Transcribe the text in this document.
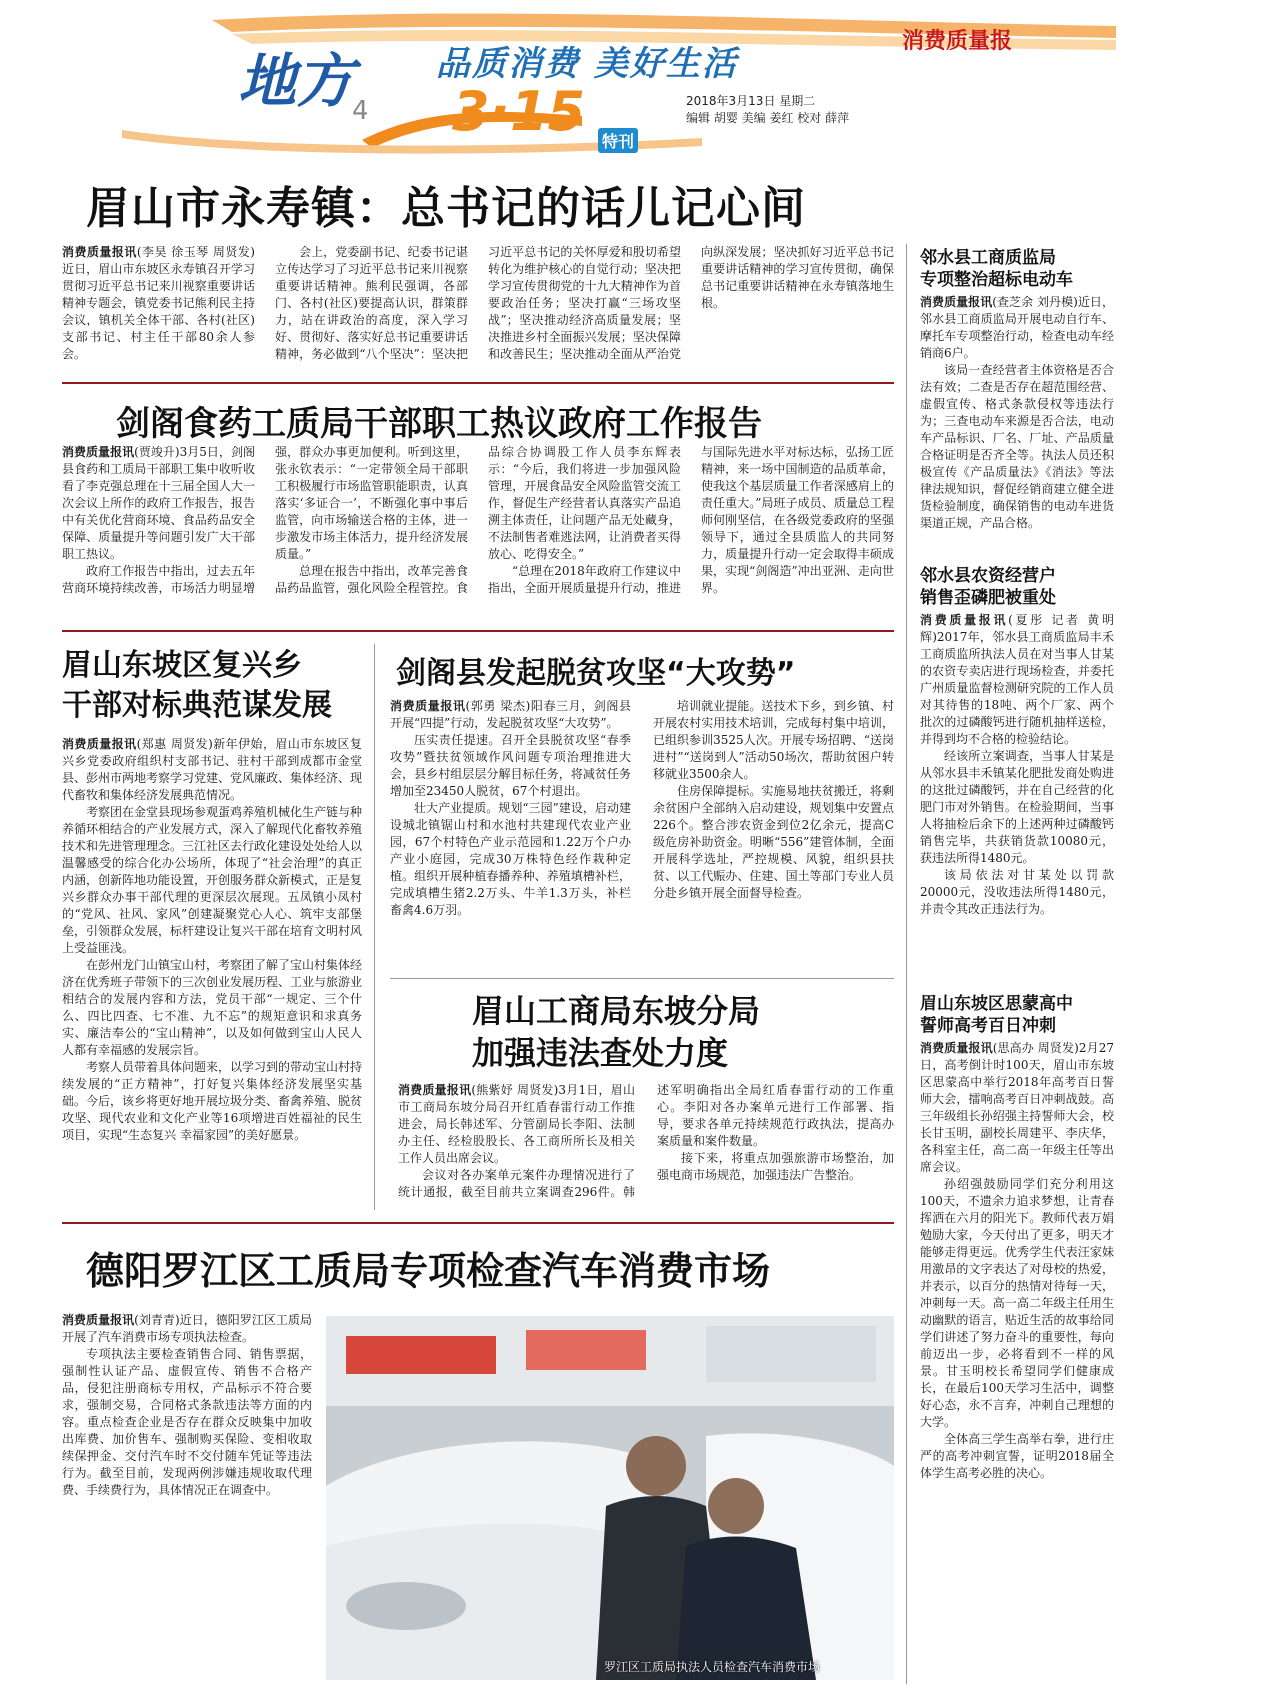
地方
4
品质消费 美好生活
3·15 特刊
2018年3月13日 星期二
编辑 胡婴 美编 姜红 校对 薛萍
消费质量报
眉山市永寿镇：总书记的话儿记心间

消费质量报讯(李昊 徐玉琴 周贤发)近日，眉山市东坡区永寿镇召开学习贯彻习近平总书记来川视察重要讲话精神专题会，镇党委书记熊利民主持会议，镇机关全体干部、各村(社区)支部书记、村主任干部80余人参会。

会上，党委副书记、纪委书记谌立传达学习了习近平总书记来川视察重要讲话精神。熊利民强调，各部门、各村(社区)要提高认识，群策群力，站在讲政治的高度，深入学习好、贯彻好、落实好总书记重要讲话精神，务必做到“八个坚决”：坚决把习近平总书记的关怀厚爱和殷切希望转化为维护核心的自觉行动；坚决把学习宣传贯彻党的十九大精神作为首要政治任务；坚决打赢“三场攻坚战”；坚决推动经济高质量发展；坚决推进乡村全面振兴发展；坚决保障和改善民生；坚决推动全面从严治党向纵深发展；坚决抓好习近平总书记重要讲话精神的学习宣传贯彻，确保总书记重要讲话精神在永寿镇落地生根。

剑阁食药工质局干部职工热议政府工作报告

消费质量报讯(贾竣升)3月5日，剑阁县食药和工质局干部职工集中收听收看了李克强总理在十三届全国人大一次会议上所作的政府工作报告，报告中有关优化营商环境、食品药品安全保障、质量提升等问题引发广大干部职工热议。

政府工作报告中指出，过去五年营商环境持续改善，市场活力明显增强，群众办事更加便利。听到这里，张永钦表示：“一定带领全局干部职工积极履行市场监管职能职责，认真落实‘多证合一’，不断强化事中事后监管，向市场输送合格的主体，进一步激发市场主体活力，提升经济发展质量。”

总理在报告中指出，改革完善食品药品监管，强化风险全程管控。食品综合协调股工作人员李东辉表示：“今后，我们将进一步加强风险管理，开展食品安全风险监管交流工作，督促生产经营者认真落实产品追溯主体责任，让问题产品无处藏身，不法制售者难逃法网，让消费者买得放心、吃得安全。”

“总理在2018年政府工作建议中指出，全面开展质量提升行动，推进与国际先进水平对标达标，弘扬工匠精神，来一场中国制造的品质革命，使我这个基层质量工作者深感肩上的责任重大。”局班子成员、质量总工程师何刚坚信，在各级党委政府的坚强领导下，通过全县质监人的共同努力，质量提升行动一定会取得丰硕成果，实现“剑阁造”冲出亚洲、走向世界。

眉山东坡区复兴乡
干部对标典范谋发展

消费质量报讯(郑惠 周贤发)新年伊始，眉山市东坡区复兴乡党委政府组织村支部书记、驻村干部到成都市金堂县、彭州市两地考察学习党建、党风廉政、集体经济、现代畜牧和集体经济发展典范情况。

考察团在金堂县现场参观蛋鸡养殖机械化生产链与种养循环相结合的产业发展方式，深入了解现代化畜牧养殖技术和先进管理理念。三江社区去行政化建设处处给人以温馨感受的综合化办公场所，体现了“社会治理”的真正内涵，创新阵地功能设置，开创服务群众新模式，正是复兴乡群众办事干部代理的更深层次展现。五凤镇小凤村的“党风、社风、家风”创建凝聚党心人心、筑牢支部堡垒，引领群众发展，标杆建设让复兴干部在培育文明村风上受益匪浅。

在彭州龙门山镇宝山村，考察团了解了宝山村集体经济在优秀班子带领下的三次创业发展历程、工业与旅游业相结合的发展内容和方法，党员干部“一规定、三个什么、四比四查、七不准、九不忘”的规矩意识和求真务实、廉洁奉公的“宝山精神”，以及如何做到宝山人民人人都有幸福感的发展宗旨。

考察人员带着具体问题来，以学习到的带动宝山村持续发展的“正方精神”，打好复兴集体经济发展坚实基础。今后，该乡将更好地开展垃圾分类、畜禽养殖、脱贫攻坚、现代农业和文化产业等16项增进百姓福祉的民生项目，实现“生态复兴 幸福家园”的美好愿景。

剑阁县发起脱贫攻坚“大攻势”

消费质量报讯(郭勇 梁杰)阳春三月，剑阁县开展“四提”行动，发起脱贫攻坚“大攻势”。

压实责任提速。召开全县脱贫攻坚“春季攻势”暨扶贫领域作风问题专项治理推进大会，县乡村组层层分解目标任务，将减贫任务增加至23450人脱贫，67个村退出。

壮大产业提质。规划“三园”建设，启动建设城北镇锯山村和水池村共建现代农业产业园，67个村特色产业示范园和1.22万个户办产业小庭园，完成30万株特色经作栽种定植。组织开展种植春播养种、养殖填槽补栏，完成填槽生猪2.2万头、牛羊1.3万头，补栏畜禽4.6万羽。

培训就业提能。送技术下乡，到乡镇、村开展农村实用技术培训，完成每村集中培训，已组织参训3525人次。开展专场招聘、“送岗进村”“送岗到人”活动50场次，帮助贫困户转移就业3500余人。

住房保障提标。实施易地扶贫搬迁，将剩余贫困户全部纳入启动建设，规划集中安置点226个。整合涉农资金到位2亿余元，提高C级危房补助资金。明晰“556”建管体制，全面开展科学选址，严控规模、风貌，组织县扶贫、以工代赈办、住建、国土等部门专业人员分赴乡镇开展全面督导检查。

眉山工商局东坡分局
加强违法查处力度

消费质量报讯(熊紫妤 周贤发)3月1日，眉山市工商局东坡分局召开红盾春雷行动工作推进会，局长韩述军、分管副局长李阳、法制办主任、经检股股长、各工商所所长及相关工作人员出席会议。

会议对各办案单元案件办理情况进行了统计通报，截至目前共立案调查296件。韩述军明确指出全局红盾春雷行动的工作重心。李阳对各办案单元进行工作部署、指导，要求各单元持续规范行政执法，提高办案质量和案件数量。

接下来，将重点加强旅游市场整治，加强电商市场规范，加强违法广告整治。

德阳罗江区工质局专项检查汽车消费市场

消费质量报讯(刘青青)近日，德阳罗江区工质局开展了汽车消费市场专项执法检查。

专项执法主要检查销售合同、销售票据，强制性认证产品、虚假宣传、销售不合格产品，侵犯注册商标专用权，产品标示不符合要求，强制交易，合同格式条款违法等方面的内容。重点检查企业是否存在群众反映集中加收出库费、加价售车、强制购买保险、变相收取续保押金、交付汽车时不交付随车凭证等违法行为。截至目前，发现两例涉嫌违规收取代理费、手续费行为，具体情况正在调查中。

罗江区工质局执法人员检查汽车消费市场
邻水县工商质监局
专项整治超标电动车

消费质量报讯(查芝余 刘丹模)近日，邻水县工商质监局开展电动自行车、摩托车专项整治行动，检查电动车经销商6户。

该局一查经营者主体资格是否合法有效；二查是否存在超范围经营、虚假宣传、格式条款侵权等违法行为；三查电动车来源是否合法，电动车产品标识、厂名、厂址、产品质量合格证明是否齐全等。执法人员还积极宣传《产品质量法》《消法》等法律法规知识，督促经销商建立健全进货检验制度，确保销售的电动车进货渠道正规，产品合格。

邻水县农资经营户
销售歪磷肥被重处

消费质量报讯(夏彤 记者 黄明辉)2017年，邻水县工商质监局丰禾工商质监所执法人员在对当事人甘某的农资专卖店进行现场检查，并委托广州质量监督检测研究院的工作人员对其待售的18吨、两个厂家、两个批次的过磷酸钙进行随机抽样送检，并得到均不合格的检验结论。

经该所立案调查，当事人甘某是从邻水县丰禾镇某化肥批发商处购进的这批过磷酸钙，并在自己经营的化肥门市对外销售。在检验期间，当事人将抽检后余下的上述两种过磷酸钙销售完毕，共获销货款10080元，获违法所得1480元。

该局依法对甘某处以罚款20000元，没收违法所得1480元，并责令其改正违法行为。

眉山东坡区思蒙高中
誓师高考百日冲刺

消费质量报讯(思高办 周贤发)2月27日，高考倒计时100天，眉山市东坡区思蒙高中举行2018年高考百日誓师大会，擂响高考百日冲刺战鼓。高三年级组长孙绍强主持誓师大会，校长甘玉明，副校长周建平、李庆华，各科室主任，高二高一年级主任等出席会议。

孙绍强鼓励同学们充分利用这100天，不遗余力追求梦想，让青春挥洒在六月的阳光下。教师代表万娟勉励大家，今天付出了更多，明天才能够走得更远。优秀学生代表汪家妹用激昂的文字表达了对母校的热爱，并表示，以百分的热情对待每一天，冲刺每一天。高一高二年级主任用生动幽默的语言，贴近生活的故事给同学们讲述了努力奋斗的重要性，每向前迈出一步，必将看到不一样的风景。甘玉明校长希望同学们健康成长，在最后100天学习生活中，调整好心态，永不言弃，冲刺自己理想的大学。

全体高三学生高举右拳，进行庄严的高考冲刺宣誓，证明2018届全体学生高考必胜的决心。
